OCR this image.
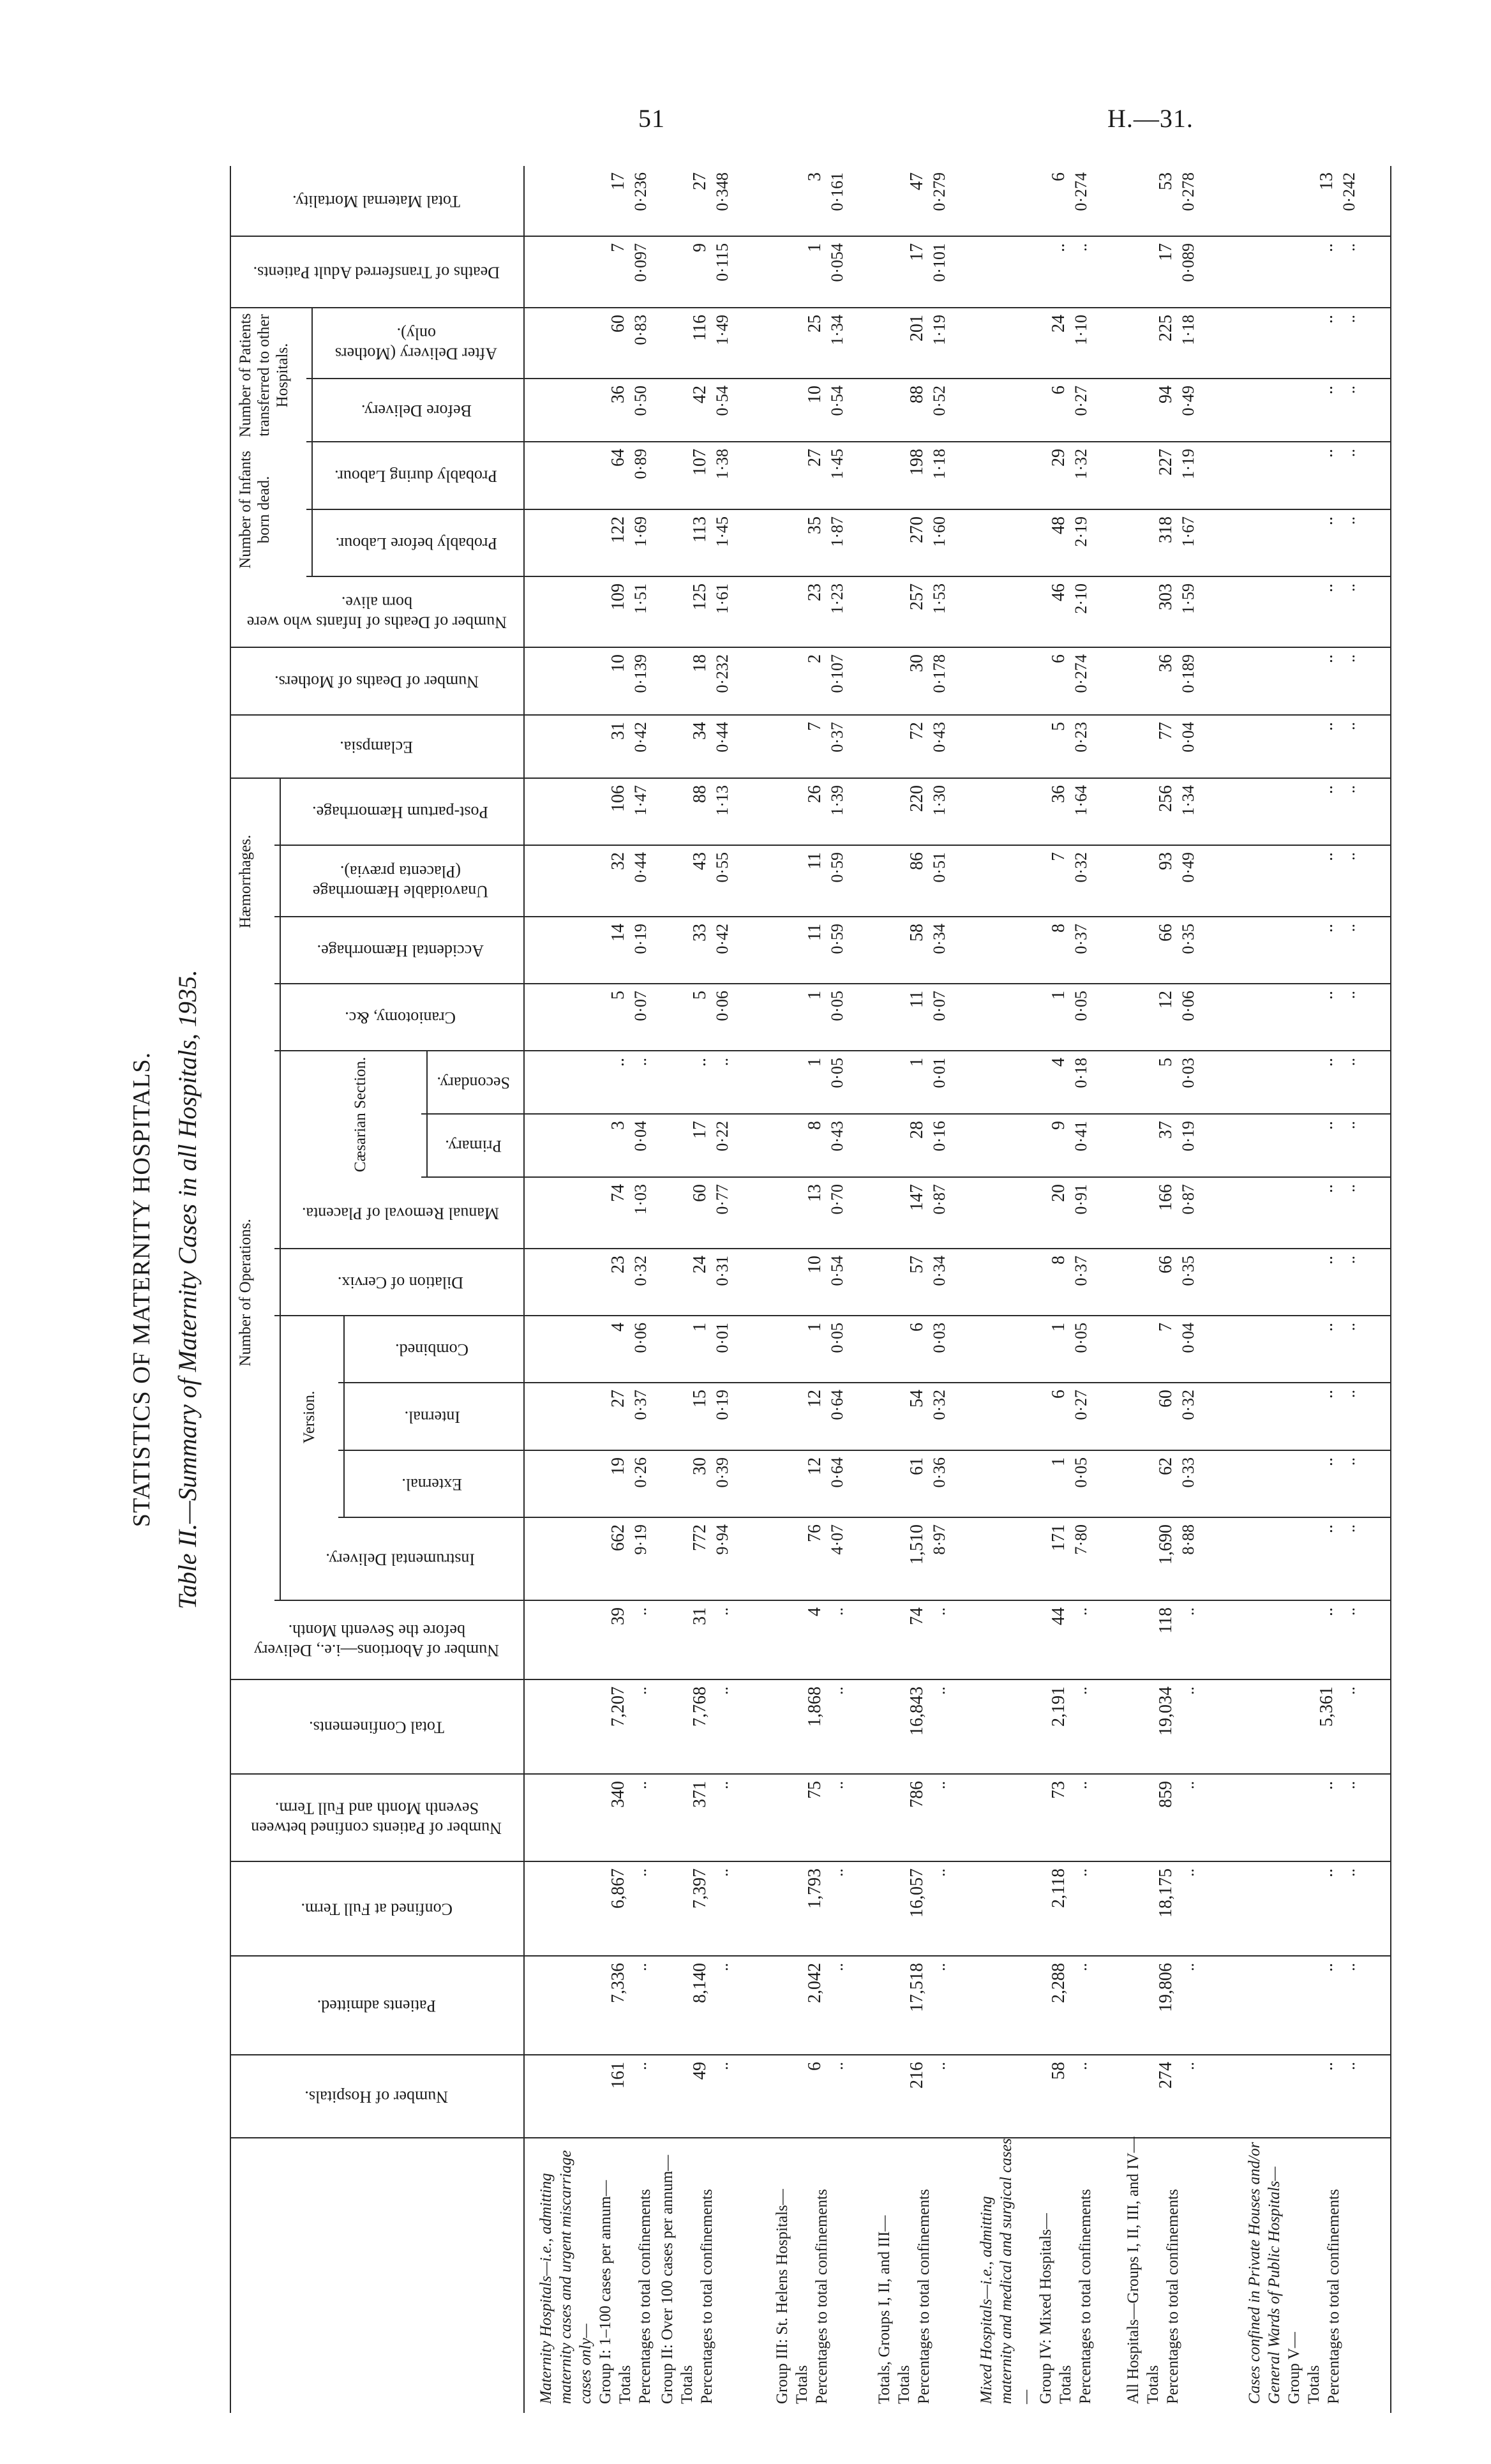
51	H.—31.
STATISTICS OF MATERNITY HOSPITALS. Table II.—Summary of Maternity Cases in all Hospitals, 1935. Number of Operations.
Version.
Cæsarian Section.
Hæmorrhages.
Number of Infants born dead.
Number of Patients transferred to other Hospitals.
Number of Hospitals.
Patients admitted.
Confined at Full Term.
Number of Patients confined between Seventh Month and Full Term.
Total Confinements.
Number of Abortions—i.e., Delivery before the Seventh Month.
Instrumental Delivery.
External.
Internal.
Combined.
Dilation of Cervix.
Manual Removal of Placenta.
Primary.
Secondary.
Craniotomy, &c.
Accidental Hæmorrhage.
Unavoidable Hæmorrhage (Placenta prævia).
Post-partum Hæmorrhage.
Eclampsia.
Number of Deaths of Mothers.
Number of Deaths of Infants who were born alive.
Probably before Labour.
Probably during Labour.
Before Delivery.
After Delivery (Mothers only).
Deaths of Transferred Adult Patients.
Total Maternal Mortality.
Maternity Hospitals—i.e., admitting maternity cases and urgent miscarriage cases only— Group I: 1–100 cases per annum— Totals Percentages to total confinements
161 ..
7,336 ..
6,867 ..
340 ..
7,207 ..
39 ..
662 9·19
19 0·26
27 0·37
4 0·06
23 0·32
74 1·03
3 0·04
.. ..
5 0·07
14 0·19
32 0·44
106 1·47
31 0·42
10 0·139
109 1·51
122 1·69
64 0·89
36 0·50
60 0·83
7 0·097
17 0·236
Group II: Over 100 cases per annum— Totals Percentages to total confinements
49 ..
8,140 ..
7,397 ..
371 ..
7,768 ..
31 ..
772 9·94
30 0·39
15 0·19
1 0·01
24 0·31
60 0·77
17 0·22
.. ..
5 0·06
33 0·42
43 0·55
88 1·13
34 0·44
18 0·232
125 1·61
113 1·45
107 1·38
42 0·54
116 1·49
9 0·115
27 0·348
Group III: St. Helens Hospitals— Totals Percentages to total confinements
6 ..
2,042 ..
1,793 ..
75 ..
1,868 ..
4 ..
76 4·07
12 0·64
12 0·64
1 0·05
10 0·54
13 0·70
8 0·43
1 0·05
1 0·05
11 0·59
11 0·59
26 1·39
7 0·37
2 0·107
23 1·23
35 1·87
27 1·45
10 0·54
25 1·34
1 0·054
3 0·161
Totals, Groups I, II, and III— Totals Percentages to total confinements
216 ..
17,518 ..
16,057 ..
786 ..
16,843 ..
74 ..
1,510 8·97
61 0·36
54 0·32
6 0·03
57 0·34
147 0·87
28 0·16
1 0·01
11 0·07
58 0·34
86 0·51
220 1·30
72 0·43
30 0·178
257 1·53
270 1·60
198 1·18
88 0·52
201 1·19
17 0·101
47 0·279
Mixed Hospitals—i.e., admitting maternity and medical and surgical cases— Group IV: Mixed Hospitals— Totals Percentages to total confinements
58 ..
2,288 ..
2,118 ..
73 ..
2,191 ..
44 ..
171 7·80
1 0·05
6 0·27
1 0·05
8 0·37
20 0·91
9 0·41
4 0·18
1 0·05
8 0·37
7 0·32
36 1·64
5 0·23
6 0·274
46 2·10
48 2·19
29 1·32
6 0·27
24 1·10
.. ..
6 0·274
All Hospitals—Groups I, II, III, and IV— Totals Percentages to total confinements
274 ..
19,806 ..
18,175 ..
859 ..
19,034 ..
118 ..
1,690 8·88
62 0·33
60 0·32
7 0·04
66 0·35
166 0·87
37 0·19
5 0·03
12 0·06
66 0·35
93 0·49
256 1·34
77 0·04
36 0·189
303 1·59
318 1·67
227 1·19
94 0·49
225 1·18
17 0·089
53 0·278
Cases confined in Private Houses and/or General Wards of Public Hospitals— Group V— Totals Percentages to total confinements
.. ..
.. ..
.. ..
.. ..
5,361 ..
.. ..
.. ..
.. ..
.. ..
.. ..
.. ..
.. ..
.. ..
.. ..
.. ..
.. ..
.. ..
.. ..
.. ..
.. ..
.. ..
.. ..
.. ..
.. ..
.. ..
.. ..
13 0·242
